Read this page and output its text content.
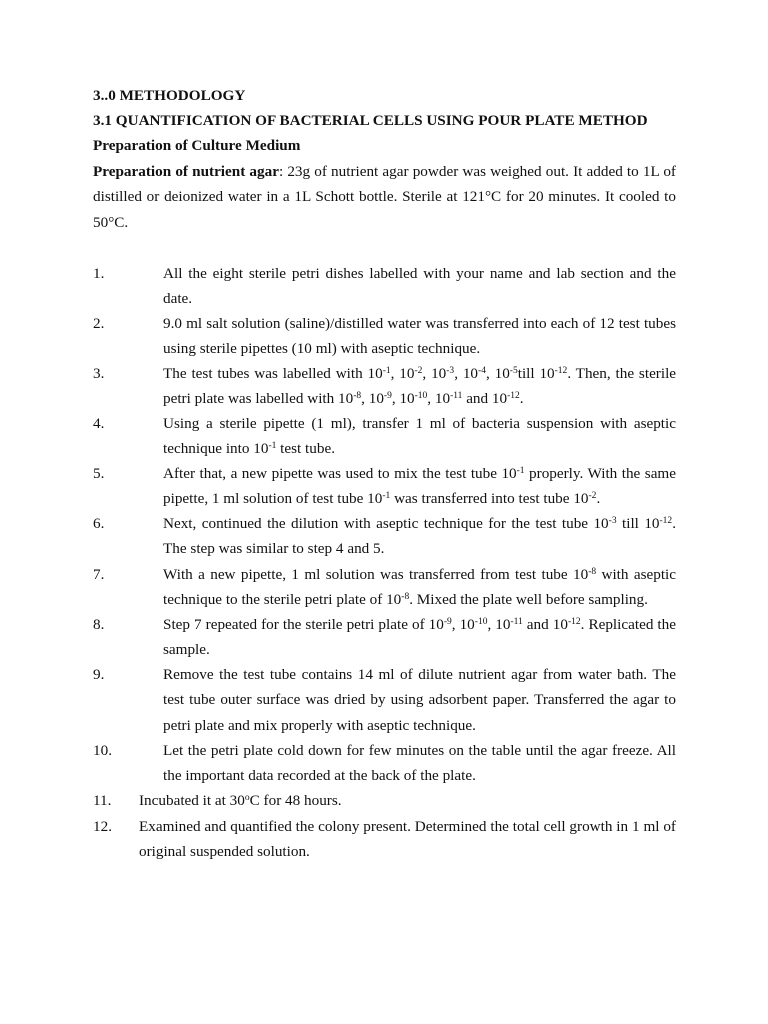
3..0 METHODOLOGY
3.1 QUANTIFICATION OF BACTERIAL CELLS USING POUR PLATE METHOD
Preparation of Culture Medium
Preparation of nutrient agar: 23g of nutrient agar powder was weighed out. It added to 1L of distilled or deionized water in a 1L Schott bottle. Sterile at 121°C for 20 minutes. It cooled to 50°C.
1.	All the eight sterile petri dishes labelled with your name and lab section and the date.
2.	9.0 ml salt solution (saline)/distilled water was transferred into each of 12 test tubes using sterile pipettes (10 ml) with aseptic technique.
3.	The test tubes was labelled with $10^{-1}$, $10^{-2}$, $10^{-3}$, $10^{-4}$, $10^{-5}till$ $10^{-12}$. Then, the sterile petri plate was labelled with $10^{-8}$, $10^{-9}$, $10^{-10}$, $10^{-11}$ and $10^{-12}$.
4.	Using a sterile pipette (1 ml), transfer 1 ml of bacteria suspension with aseptic technique into $10^{-1}$ test tube.
5.	After that, a new pipette was used to mix the test tube $10^{-1}$ properly. With the same pipette, 1 ml solution of test tube $10^{-1}$ was transferred into test tube $10^{-2}$.
6.	Next, continued the dilution with aseptic technique for the test tube $10^{-3}$ till $10^{-12}$. The step was similar to step 4 and 5.
7.	With a new pipette, 1 ml solution was transferred from test tube $10^{-8}$ with aseptic technique to the sterile petri plate of $10^{-8}$. Mixed the plate well before sampling.
8.	Step 7 repeated for the sterile petri plate of $10^{-9}$, $10^{-10}$, $10^{-11}$ and $10^{-12}$. Replicated the sample.
9.	Remove the test tube contains 14 ml of dilute nutrient agar from water bath. The test tube outer surface was dried by using adsorbent paper. Transferred the agar to petri plate and mix properly with aseptic technique.
10.	Let the petri plate cold down for few minutes on the table until the agar freeze. All the important data recorded at the back of the plate.
11. Incubated it at 30$^o$C for 48 hours.
12. Examined and quantified the colony present. Determined the total cell growth in 1 ml of original suspended solution.
